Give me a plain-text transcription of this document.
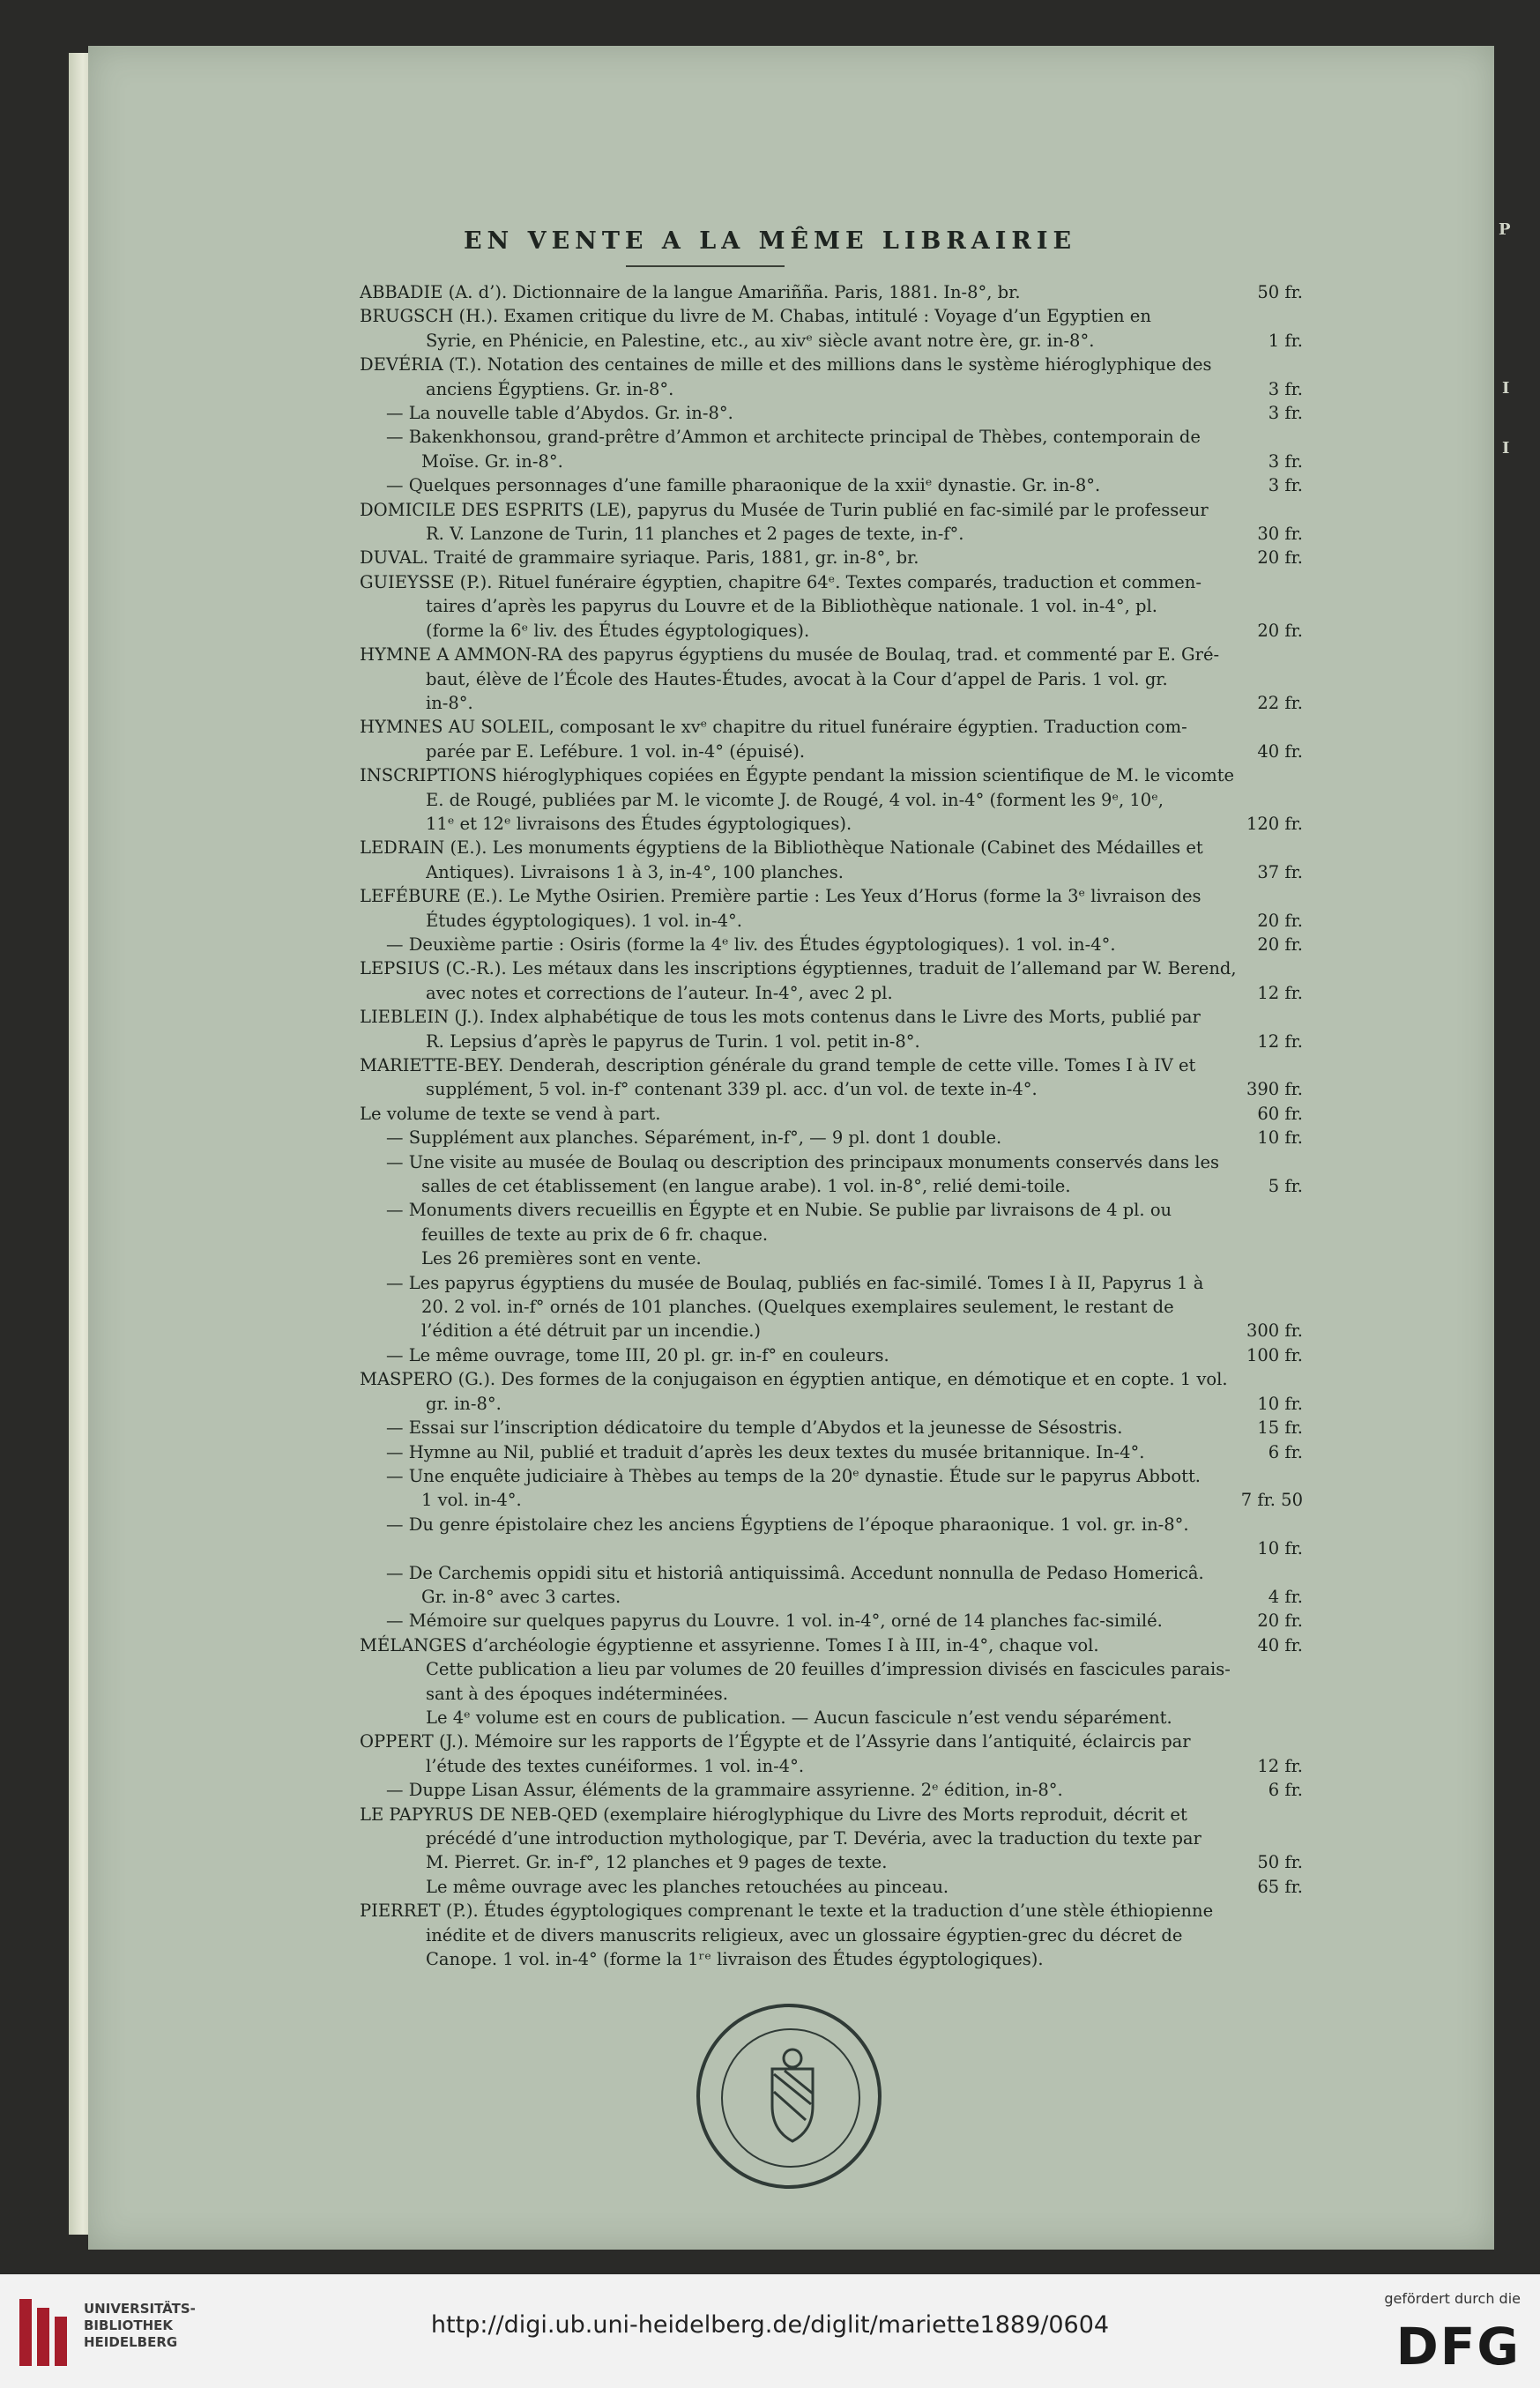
P
I
I
EN VENTE A LA MÊME LIBRAIRIE
ABBADIE (A. d’). Dictionnaire de la langue Amariñña. Paris, 1881. In-8°, br.	50 fr.
BRUGSCH (H.). Examen critique du livre de M. Chabas, intitulé : Voyage d’un Egyptien en
Syrie, en Phénicie, en Palestine, etc., au xivᵉ siècle avant notre ère, gr. in-8°.	1 fr.
DEVÉRIA (T.). Notation des centaines de mille et des millions dans le système hiéroglyphique des
anciens Égyptiens. Gr. in-8°.	3 fr.
— La nouvelle table d’Abydos. Gr. in-8°.	3 fr.
— Bakenkhonsou, grand-prêtre d’Ammon et architecte principal de Thèbes, contemporain de
Moïse. Gr. in-8°.	3 fr.
— Quelques personnages d’une famille pharaonique de la xxiiᵉ dynastie. Gr. in-8°.	3 fr.
DOMICILE DES ESPRITS (LE), papyrus du Musée de Turin publié en fac-similé par le professeur
R. V. Lanzone de Turin, 11 planches et 2 pages de texte, in-f°.	30 fr.
DUVAL. Traité de grammaire syriaque. Paris, 1881, gr. in-8°, br.	20 fr.
GUIEYSSE (P.). Rituel funéraire égyptien, chapitre 64ᵉ. Textes comparés, traduction et commen-
taires d’après les papyrus du Louvre et de la Bibliothèque nationale. 1 vol. in-4°, pl.
(forme la 6ᵉ liv. des Études égyptologiques).	20 fr.
HYMNE A AMMON-RA des papyrus égyptiens du musée de Boulaq, trad. et commenté par E. Gré-
baut, élève de l’École des Hautes-Études, avocat à la Cour d’appel de Paris. 1 vol. gr.
in-8°.	22 fr.
HYMNES AU SOLEIL, composant le xvᵉ chapitre du rituel funéraire égyptien. Traduction com-
parée par E. Lefébure. 1 vol. in-4° (épuisé).	40 fr.
INSCRIPTIONS hiéroglyphiques copiées en Égypte pendant la mission scientifique de M. le vicomte
E. de Rougé, publiées par M. le vicomte J. de Rougé, 4 vol. in-4° (forment les 9ᵉ, 10ᵉ,
11ᵉ et 12ᵉ livraisons des Études égyptologiques).	120 fr.
LEDRAIN (E.). Les monuments égyptiens de la Bibliothèque Nationale (Cabinet des Médailles et
Antiques). Livraisons 1 à 3, in-4°, 100 planches.	37 fr.
LEFÉBURE (E.). Le Mythe Osirien. Première partie : Les Yeux d’Horus (forme la 3ᵉ livraison des
Études égyptologiques). 1 vol. in-4°.	20 fr.
— Deuxième partie : Osiris (forme la 4ᵉ liv. des Études égyptologiques). 1 vol. in-4°.	20 fr.
LEPSIUS (C.-R.). Les métaux dans les inscriptions égyptiennes, traduit de l’allemand par W. Berend,
avec notes et corrections de l’auteur. In-4°, avec 2 pl.	12 fr.
LIEBLEIN (J.). Index alphabétique de tous les mots contenus dans le Livre des Morts, publié par
R. Lepsius d’après le papyrus de Turin. 1 vol. petit in-8°.	12 fr.
MARIETTE-BEY. Denderah, description générale du grand temple de cette ville. Tomes I à IV et
supplément, 5 vol. in-f° contenant 339 pl. acc. d’un vol. de texte in-4°.	390 fr.
Le volume de texte se vend à part.	60 fr.
— Supplément aux planches. Séparément, in-f°, — 9 pl. dont 1 double.	10 fr.
— Une visite au musée de Boulaq ou description des principaux monuments conservés dans les
salles de cet établissement (en langue arabe). 1 vol. in-8°, relié demi-toile.	5 fr.
— Monuments divers recueillis en Égypte et en Nubie. Se publie par livraisons de 4 pl. ou
feuilles de texte au prix de 6 fr. chaque.
Les 26 premières sont en vente.
— Les papyrus égyptiens du musée de Boulaq, publiés en fac-similé. Tomes I à II, Papyrus 1 à
20. 2 vol. in-f° ornés de 101 planches. (Quelques exemplaires seulement, le restant de
l’édition a été détruit par un incendie.)	300 fr.
— Le même ouvrage, tome III, 20 pl. gr. in-f° en couleurs.	100 fr.
MASPERO (G.). Des formes de la conjugaison en égyptien antique, en démotique et en copte. 1 vol.
gr. in-8°.	10 fr.
— Essai sur l’inscription dédicatoire du temple d’Abydos et la jeunesse de Sésostris.	15 fr.
— Hymne au Nil, publié et traduit d’après les deux textes du musée britannique. In-4°.	6 fr.
— Une enquête judiciaire à Thèbes au temps de la 20ᵉ dynastie. Étude sur le papyrus Abbott.
1 vol. in-4°.	7 fr. 50
— Du genre épistolaire chez les anciens Égyptiens de l’époque pharaonique. 1 vol. gr. in-8°.
10 fr.
— De Carchemis oppidi situ et historiâ antiquissimâ. Accedunt nonnulla de Pedaso Homericâ.
Gr. in-8° avec 3 cartes.	4 fr.
— Mémoire sur quelques papyrus du Louvre. 1 vol. in-4°, orné de 14 planches fac-similé.	20 fr.
MÉLANGES d’archéologie égyptienne et assyrienne. Tomes I à III, in-4°, chaque vol.	40 fr.
Cette publication a lieu par volumes de 20 feuilles d’impression divisés en fascicules parais-
sant à des époques indéterminées.
Le 4ᵉ volume est en cours de publication. — Aucun fascicule n’est vendu séparément.
OPPERT (J.). Mémoire sur les rapports de l’Égypte et de l’Assyrie dans l’antiquité, éclaircis par
l’étude des textes cunéiformes. 1 vol. in-4°.	12 fr.
— Duppe Lisan Assur, éléments de la grammaire assyrienne. 2ᵉ édition, in-8°.	6 fr.
LE PAPYRUS DE NEB-QED (exemplaire hiéroglyphique du Livre des Morts reproduit, décrit et
précédé d’une introduction mythologique, par T. Devéria, avec la traduction du texte par
M. Pierret. Gr. in-f°, 12 planches et 9 pages de texte.	50 fr.
Le même ouvrage avec les planches retouchées au pinceau.	65 fr.
PIERRET (P.). Études égyptologiques comprenant le texte et la traduction d’une stèle éthiopienne
inédite et de divers manuscrits religieux, avec un glossaire égyptien-grec du décret de
Canope. 1 vol. in-4° (forme la 1ʳᵉ livraison des Études égyptologiques).
UNIVERSITÄTS-
BIBLIOTHEK
HEIDELBERG
http://digi.ub.uni-heidelberg.de/diglit/mariette1889/0604
gefördert durch die
DFG
